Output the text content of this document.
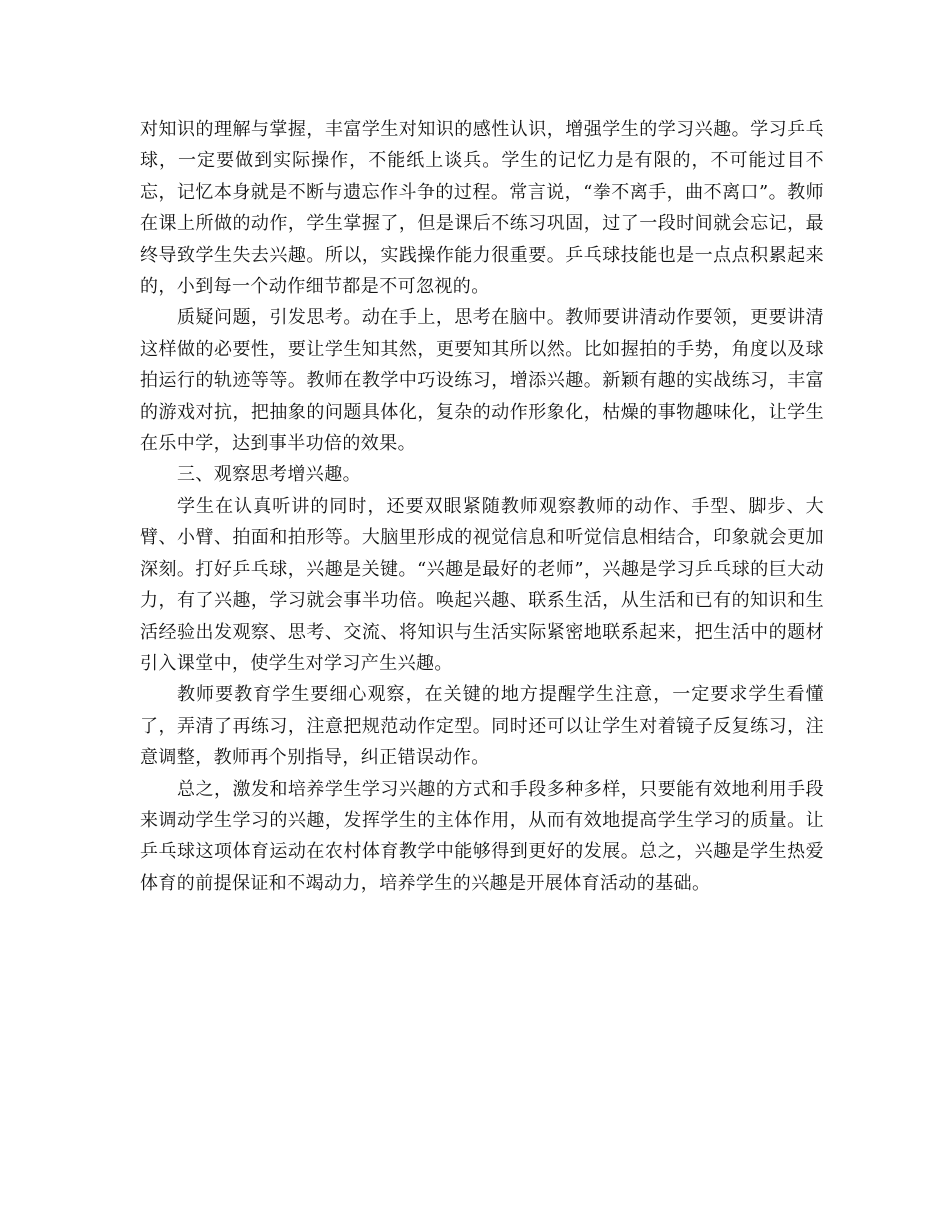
对知识的理解与掌握，丰富学生对知识的感性认识，增强学生的学习兴趣。学习乒乓球，一定要做到实际操作，不能纸上谈兵。学生的记忆力是有限的，不可能过目不忘，记忆本身就是不断与遗忘作斗争的过程。常言说，“拳不离手，曲不离口”。教师在课上所做的动作，学生掌握了，但是课后不练习巩固，过了一段时间就会忘记，最终导致学生失去兴趣。所以，实践操作能力很重要。乒乓球技能也是一点点积累起来的，小到每一个动作细节都是不可忽视的。

质疑问题，引发思考。动在手上，思考在脑中。教师要讲清动作要领，更要讲清这样做的必要性，要让学生知其然，更要知其所以然。比如握拍的手势，角度以及球拍运行的轨迹等等。教师在教学中巧设练习，增添兴趣。新颖有趣的实战练习，丰富的游戏对抗，把抽象的问题具体化，复杂的动作形象化，枯燥的事物趣味化，让学生在乐中学，达到事半功倍的效果。

三、观察思考增兴趣。

学生在认真听讲的同时，还要双眼紧随教师观察教师的动作、手型、脚步、大臂、小臂、拍面和拍形等。大脑里形成的视觉信息和听觉信息相结合，印象就会更加深刻。打好乒乓球，兴趣是关键。“兴趣是最好的老师”，兴趣是学习乒乓球的巨大动力，有了兴趣，学习就会事半功倍。唤起兴趣、联系生活，从生活和已有的知识和生活经验出发观察、思考、交流、将知识与生活实际紧密地联系起来，把生活中的题材引入课堂中，使学生对学习产生兴趣。

教师要教育学生要细心观察，在关键的地方提醒学生注意，一定要求学生看懂了，弄清了再练习，注意把规范动作定型。同时还可以让学生对着镜子反复练习，注意调整，教师再个别指导，纠正错误动作。

总之，激发和培养学生学习兴趣的方式和手段多种多样，只要能有效地利用手段来调动学生学习的兴趣，发挥学生的主体作用，从而有效地提高学生学习的质量。让乒乓球这项体育运动在农村体育教学中能够得到更好的发展。总之，兴趣是学生热爱体育的前提保证和不竭动力，培养学生的兴趣是开展体育活动的基础。
